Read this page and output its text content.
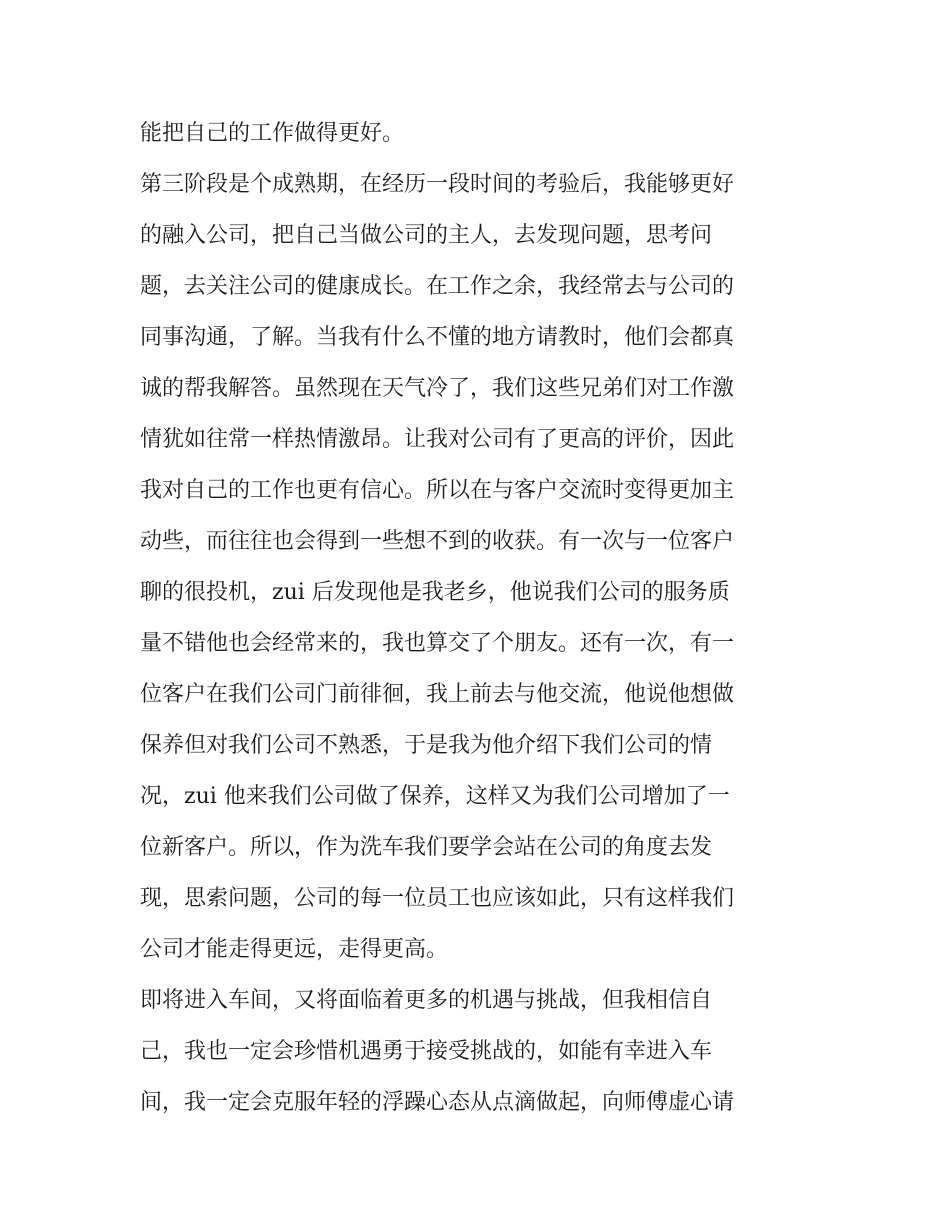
能把自己的工作做得更好。
第三阶段是个成熟期，在经历一段时间的考验后，我能够更好
的融入公司，把自己当做公司的主人，去发现问题，思考问
题，去关注公司的健康成长。在工作之余，我经常去与公司的
同事沟通，了解。当我有什么不懂的地方请教时，他们会都真
诚的帮我解答。虽然现在天气冷了，我们这些兄弟们对工作激
情犹如往常一样热情激昂。让我对公司有了更高的评价，因此
我对自己的工作也更有信心。所以在与客户交流时变得更加主
动些，而往往也会得到一些想不到的收获。有一次与一位客户
聊的很投机，zui 后发现他是我老乡，他说我们公司的服务质
量不错他也会经常来的，我也算交了个朋友。还有一次，有一
位客户在我们公司门前徘徊，我上前去与他交流，他说他想做
保养但对我们公司不熟悉，于是我为他介绍下我们公司的情
况，zui 他来我们公司做了保养，这样又为我们公司增加了一
位新客户。所以，作为洗车我们要学会站在公司的角度去发
现，思索问题，公司的每一位员工也应该如此，只有这样我们
公司才能走得更远，走得更高。
即将进入车间，又将面临着更多的机遇与挑战，但我相信自
己，我也一定会珍惜机遇勇于接受挑战的，如能有幸进入车
间，我一定会克服年轻的浮躁心态从点滴做起，向师傅虚心请
